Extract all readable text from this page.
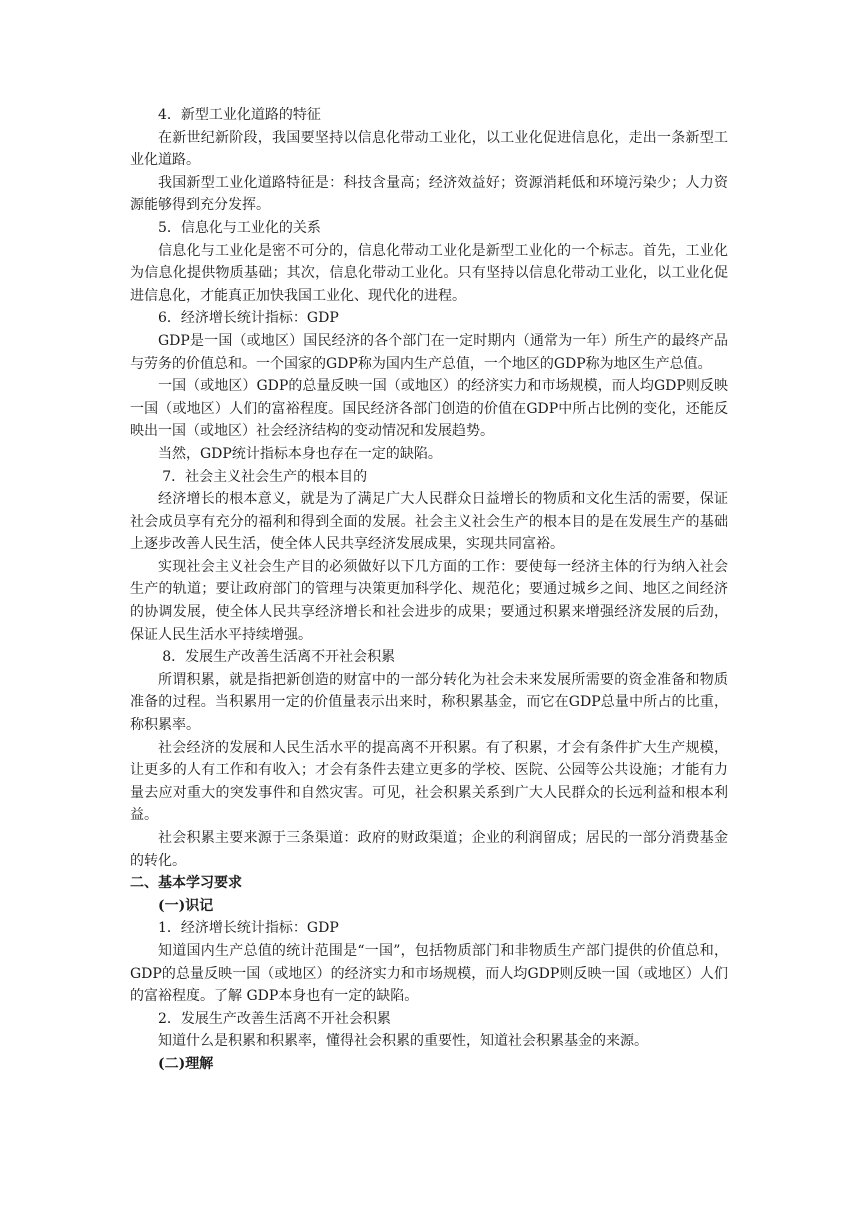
4．新型工业化道路的特征

在新世纪新阶段，我国要坚持以信息化带动工业化，以工业化促进信息化，走出一条新型工业化道路。

我国新型工业化道路特征是：科技含量高；经济效益好；资源消耗低和环境污染少；人力资源能够得到充分发挥。

5．信息化与工业化的关系

信息化与工业化是密不可分的，信息化带动工业化是新型工业化的一个标志。首先，工业化为信息化提供物质基础；其次，信息化带动工业化。只有坚持以信息化带动工业化，以工业化促进信息化，才能真正加快我国工业化、现代化的进程。

6．经济增长统计指标：GDP

GDP是一国（或地区）国民经济的各个部门在一定时期内（通常为一年）所生产的最终产品与劳务的价值总和。一个国家的GDP称为国内生产总值，一个地区的GDP称为地区生产总值。

一国（或地区）GDP的总量反映一国（或地区）的经济实力和市场规模，而人均GDP则反映一国（或地区）人们的富裕程度。国民经济各部门创造的价值在GDP中所占比例的变化，还能反映出一国（或地区）社会经济结构的变动情况和发展趋势。

当然，GDP统计指标本身也存在一定的缺陷。

7．社会主义社会生产的根本目的

经济增长的根本意义，就是为了满足广大人民群众日益增长的物质和文化生活的需要，保证社会成员享有充分的福利和得到全面的发展。社会主义社会生产的根本目的是在发展生产的基础上逐步改善人民生活，使全体人民共享经济发展成果，实现共同富裕。

实现社会主义社会生产目的必须做好以下几方面的工作：要使每一经济主体的行为纳入社会生产的轨道；要让政府部门的管理与决策更加科学化、规范化；要通过城乡之间、地区之间经济的协调发展，使全体人民共享经济增长和社会进步的成果；要通过积累来增强经济发展的后劲，保证人民生活水平持续增强。

8．发展生产改善生活离不开社会积累

所谓积累，就是指把新创造的财富中的一部分转化为社会未来发展所需要的资金准备和物质准备的过程。当积累用一定的价值量表示出来时，称积累基金，而它在GDP总量中所占的比重，称积累率。

社会经济的发展和人民生活水平的提高离不开积累。有了积累，才会有条件扩大生产规模，让更多的人有工作和有收入；才会有条件去建立更多的学校、医院、公园等公共设施；才能有力量去应对重大的突发事件和自然灾害。可见，社会积累关系到广大人民群众的长远利益和根本利益。

社会积累主要来源于三条渠道：政府的财政渠道；企业的利润留成；居民的一部分消费基金的转化。

二、基本学习要求

(一)识记

1．经济增长统计指标：GDP

知道国内生产总值的统计范围是“一国”，包括物质部门和非物质生产部门提供的价值总和，GDP的总量反映一国（或地区）的经济实力和市场规模，而人均GDP则反映一国（或地区）人们的富裕程度。了解 GDP本身也有一定的缺陷。

2．发展生产改善生活离不开社会积累

知道什么是积累和积累率，懂得社会积累的重要性，知道社会积累基金的来源。

(二)理解
